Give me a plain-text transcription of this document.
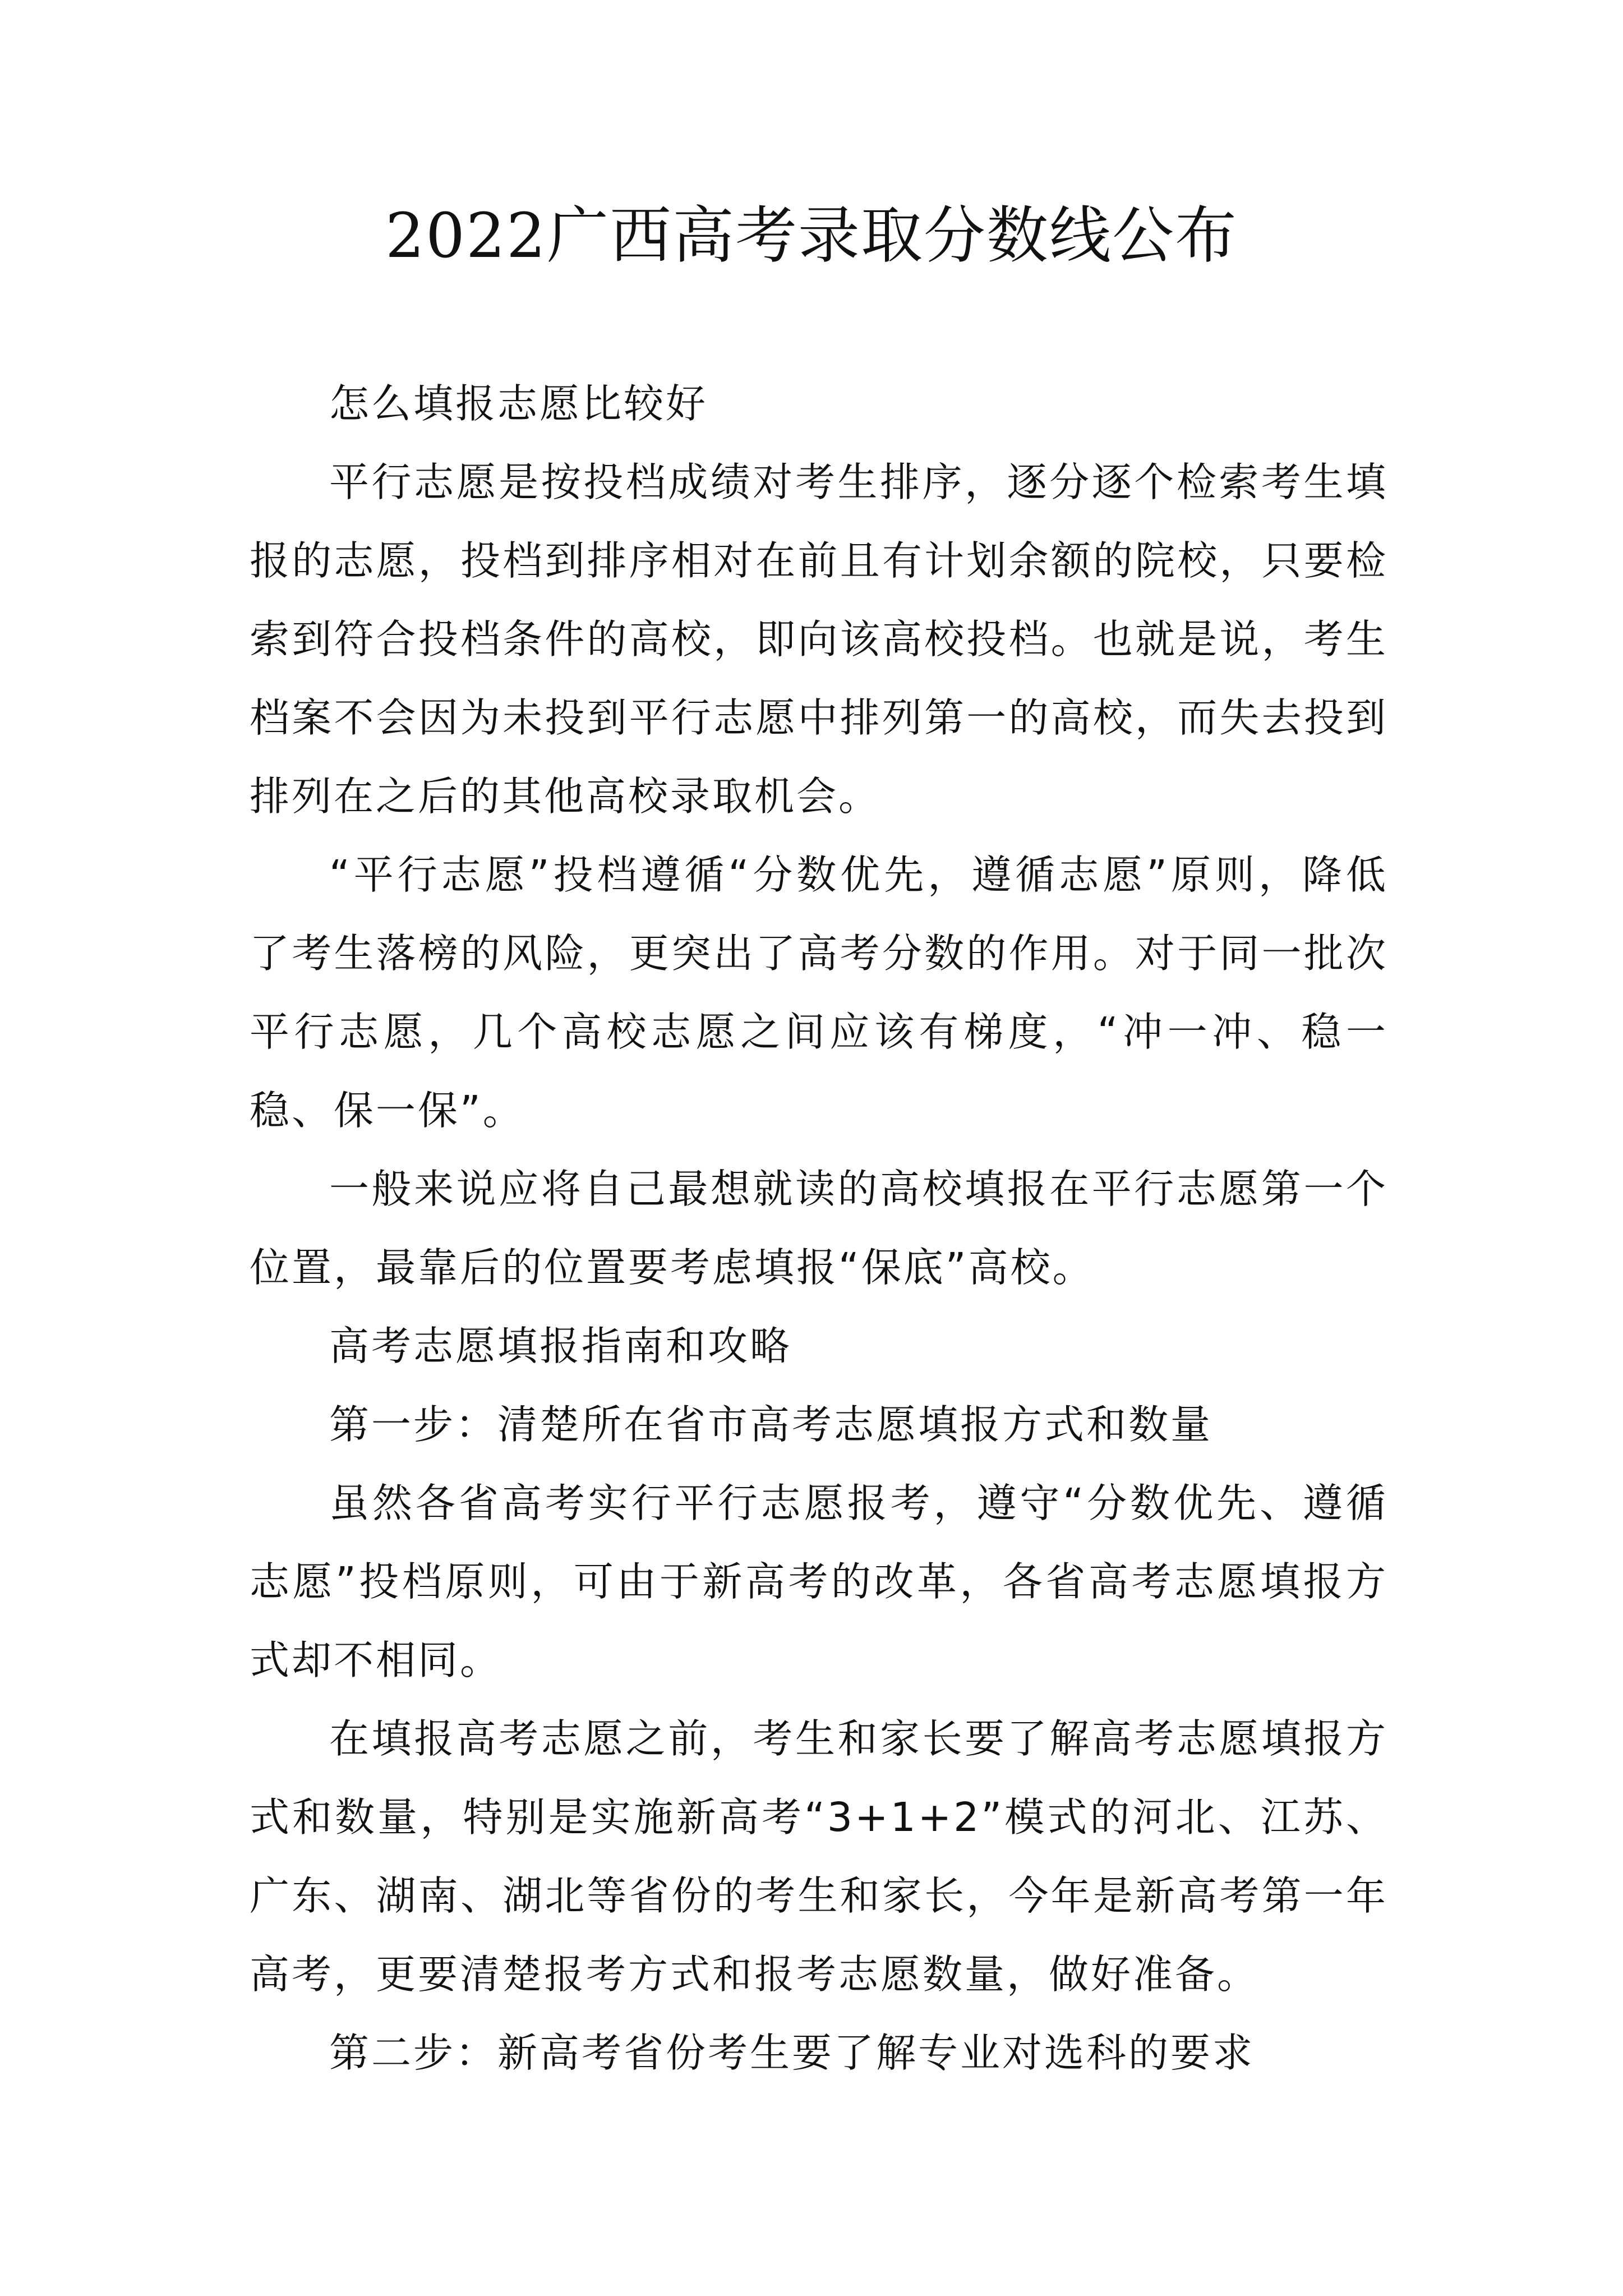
2022广西高考录取分数线公布

怎么填报志愿比较好

平行志愿是按投档成绩对考生排序，逐分逐个检索考生填报的志愿，投档到排序相对在前且有计划余额的院校，只要检索到符合投档条件的高校，即向该高校投档。也就是说，考生档案不会因为未投到平行志愿中排列第一的高校，而失去投到排列在之后的其他高校录取机会。

“平行志愿”投档遵循“分数优先，遵循志愿”原则，降低了考生落榜的风险，更突出了高考分数的作用。对于同一批次平行志愿，几个高校志愿之间应该有梯度，“冲一冲、稳一稳、保一保”。

一般来说应将自己最想就读的高校填报在平行志愿第一个位置，最靠后的位置要考虑填报“保底”高校。

高考志愿填报指南和攻略

第一步：清楚所在省市高考志愿填报方式和数量

虽然各省高考实行平行志愿报考，遵守“分数优先、遵循志愿”投档原则，可由于新高考的改革，各省高考志愿填报方式却不相同。

在填报高考志愿之前，考生和家长要了解高考志愿填报方式和数量，特别是实施新高考“3+1+2”模式的河北、江苏、广东、湖南、湖北等省份的考生和家长，今年是新高考第一年高考，更要清楚报考方式和报考志愿数量，做好准备。

第二步：新高考省份考生要了解专业对选科的要求
